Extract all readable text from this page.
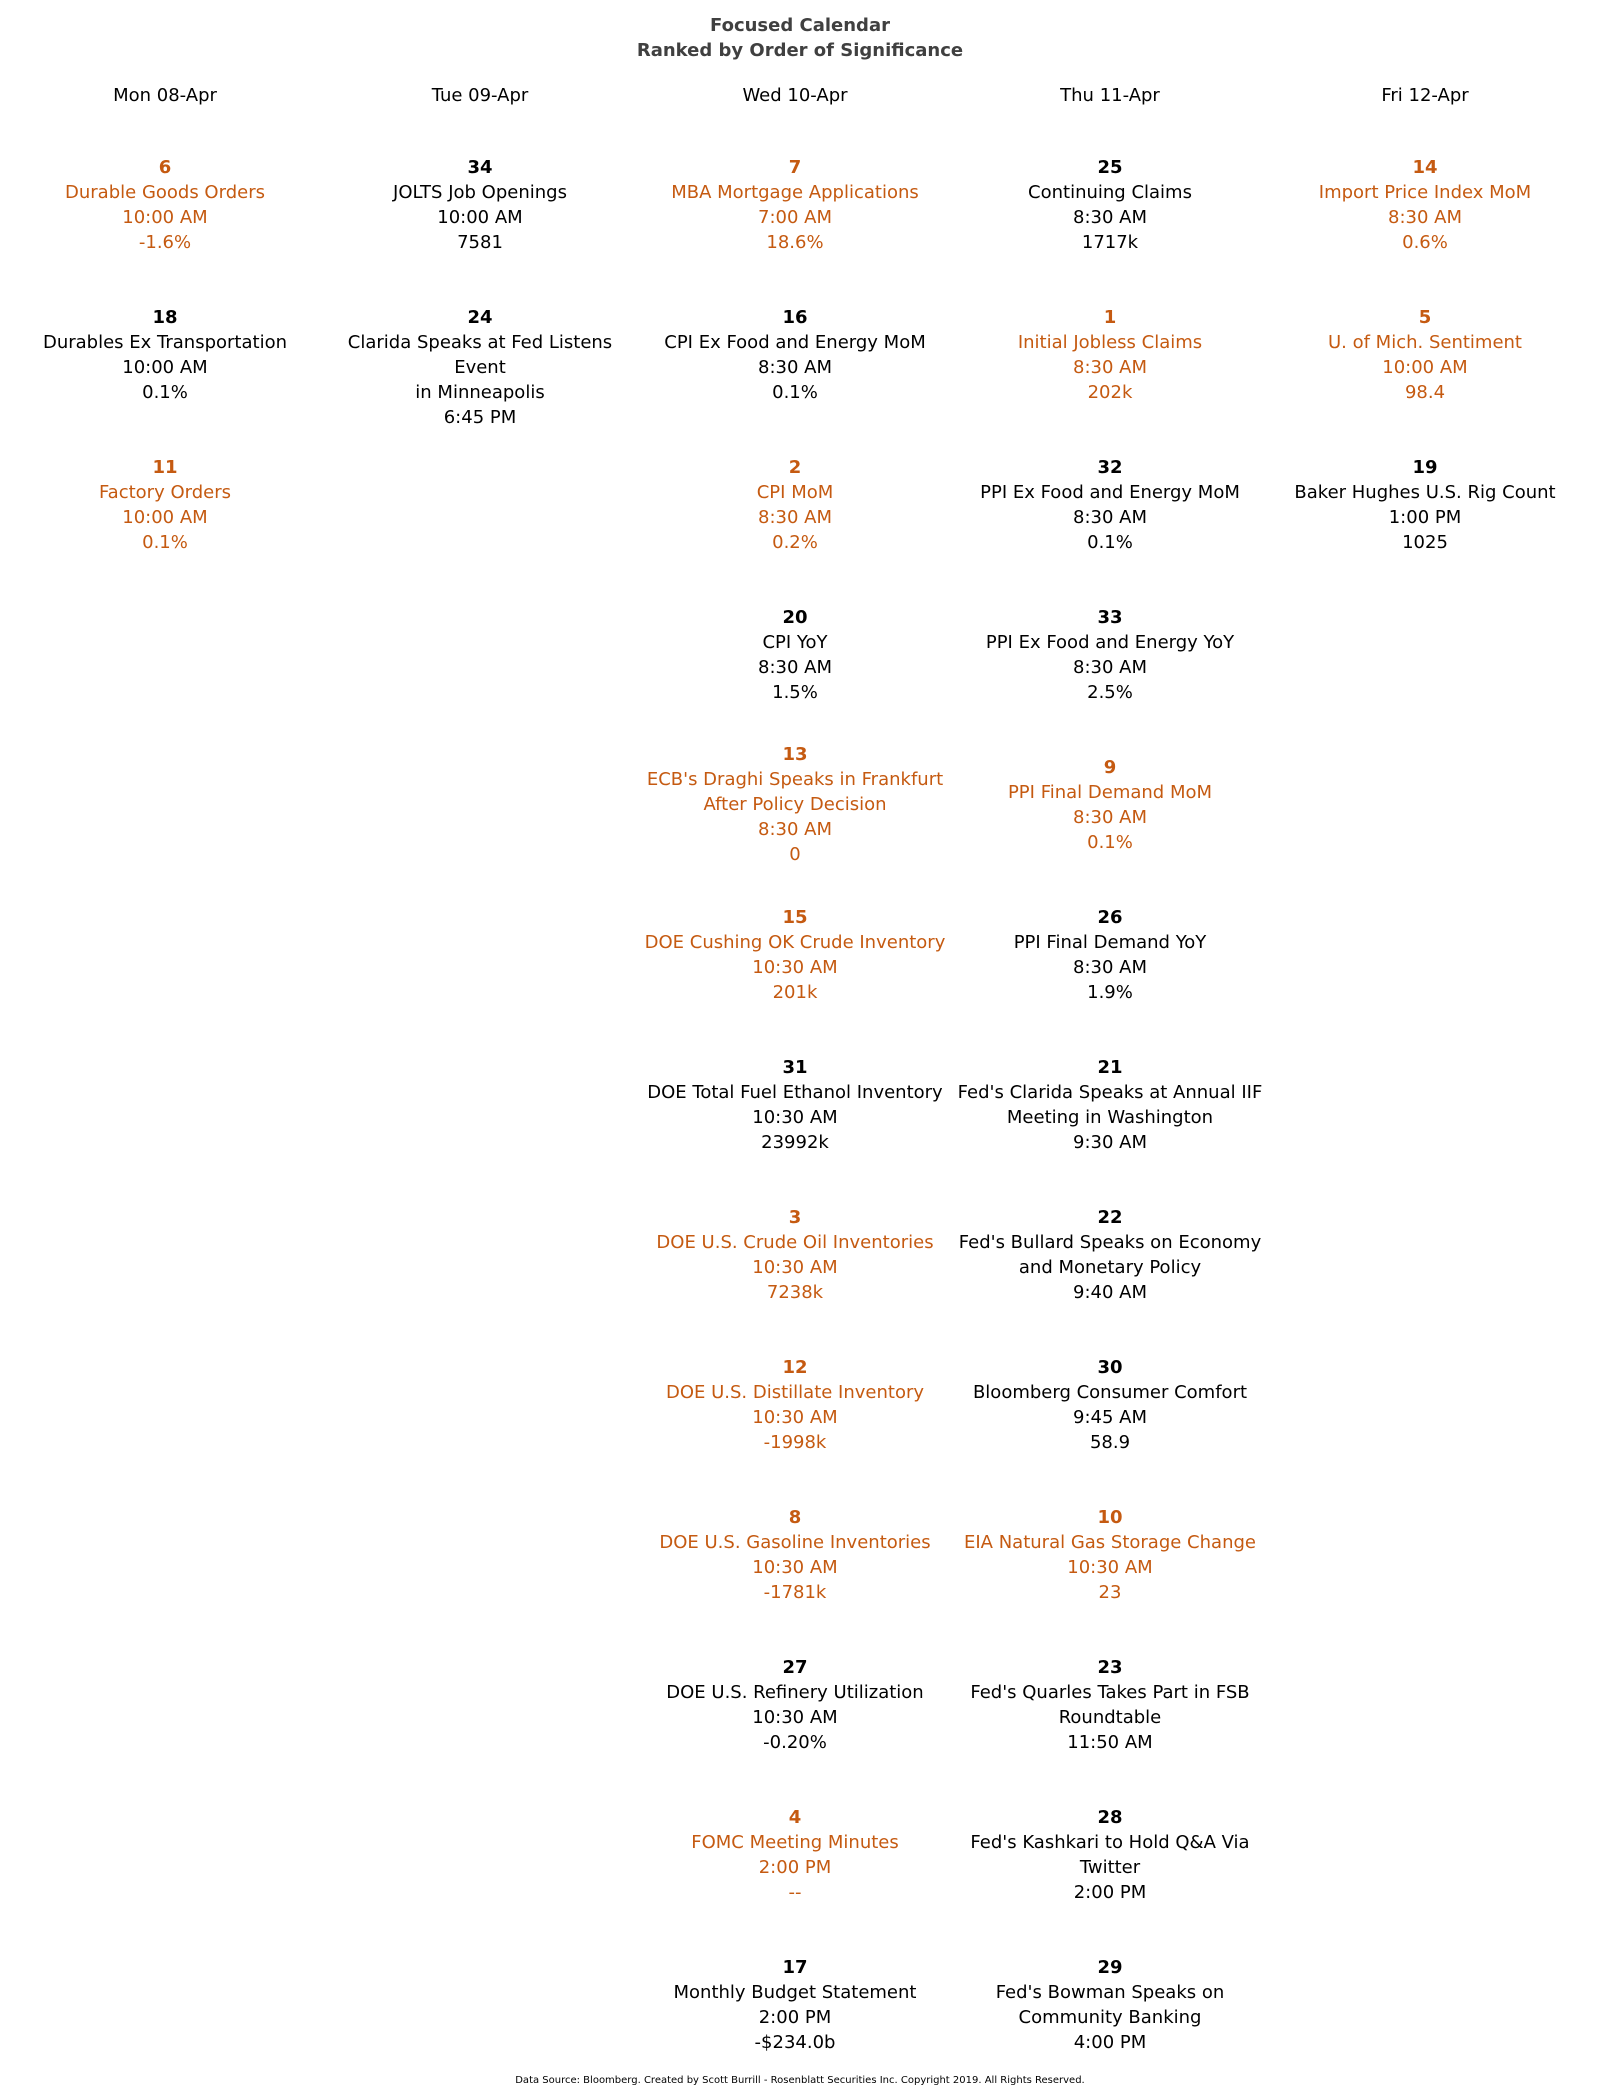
Focused Calendar
Ranked by Order of Significance
Mon 08-Apr
6
Durable Goods Orders
10:00 AM
-1.6%
18
Durables Ex Transportation
10:00 AM
0.1%
11
Factory Orders
10:00 AM
0.1%
Tue 09-Apr
34
JOLTS Job Openings
10:00 AM
7581
24
Clarida Speaks at Fed Listens Event
in Minneapolis
6:45 PM
Wed 10-Apr
7
MBA Mortgage Applications
7:00 AM
18.6%
16
CPI Ex Food and Energy MoM
8:30 AM
0.1%
2
CPI MoM
8:30 AM
0.2%
20
CPI YoY
8:30 AM
1.5%
13
ECB's Draghi Speaks in Frankfurt
After Policy Decision
8:30 AM
0
15
DOE Cushing OK Crude Inventory
10:30 AM
201k
31
DOE Total Fuel Ethanol Inventory
10:30 AM
23992k
3
DOE U.S. Crude Oil Inventories
10:30 AM
7238k
12
DOE U.S. Distillate Inventory
10:30 AM
-1998k
8
DOE U.S. Gasoline Inventories
10:30 AM
-1781k
27
DOE U.S. Refinery Utilization
10:30 AM
-0.20%
4
FOMC Meeting Minutes
2:00 PM
--
17
Monthly Budget Statement
2:00 PM
-$234.0b
Thu 11-Apr
25
Continuing Claims
8:30 AM
1717k
1
Initial Jobless Claims
8:30 AM
202k
32
PPI Ex Food and Energy MoM
8:30 AM
0.1%
33
PPI Ex Food and Energy YoY
8:30 AM
2.5%
9
PPI Final Demand MoM
8:30 AM
0.1%
26
PPI Final Demand YoY
8:30 AM
1.9%
21
Fed's Clarida Speaks at Annual IIF
Meeting in Washington
9:30 AM
22
Fed's Bullard Speaks on Economy
and Monetary Policy
9:40 AM
30
Bloomberg Consumer Comfort
9:45 AM
58.9
10
EIA Natural Gas Storage Change
10:30 AM
23
23
Fed's Quarles Takes Part in FSB
Roundtable
11:50 AM
28
Fed's Kashkari to Hold Q&A Via
Twitter
2:00 PM
29
Fed's Bowman Speaks on
Community Banking
4:00 PM
Fri 12-Apr
14
Import Price Index MoM
8:30 AM
0.6%
5
U. of Mich. Sentiment
10:00 AM
98.4
19
Baker Hughes U.S. Rig Count
1:00 PM
1025
Data Source: Bloomberg. Created by Scott Burrill - Rosenblatt Securities Inc. Copyright 2019. All Rights Reserved.
